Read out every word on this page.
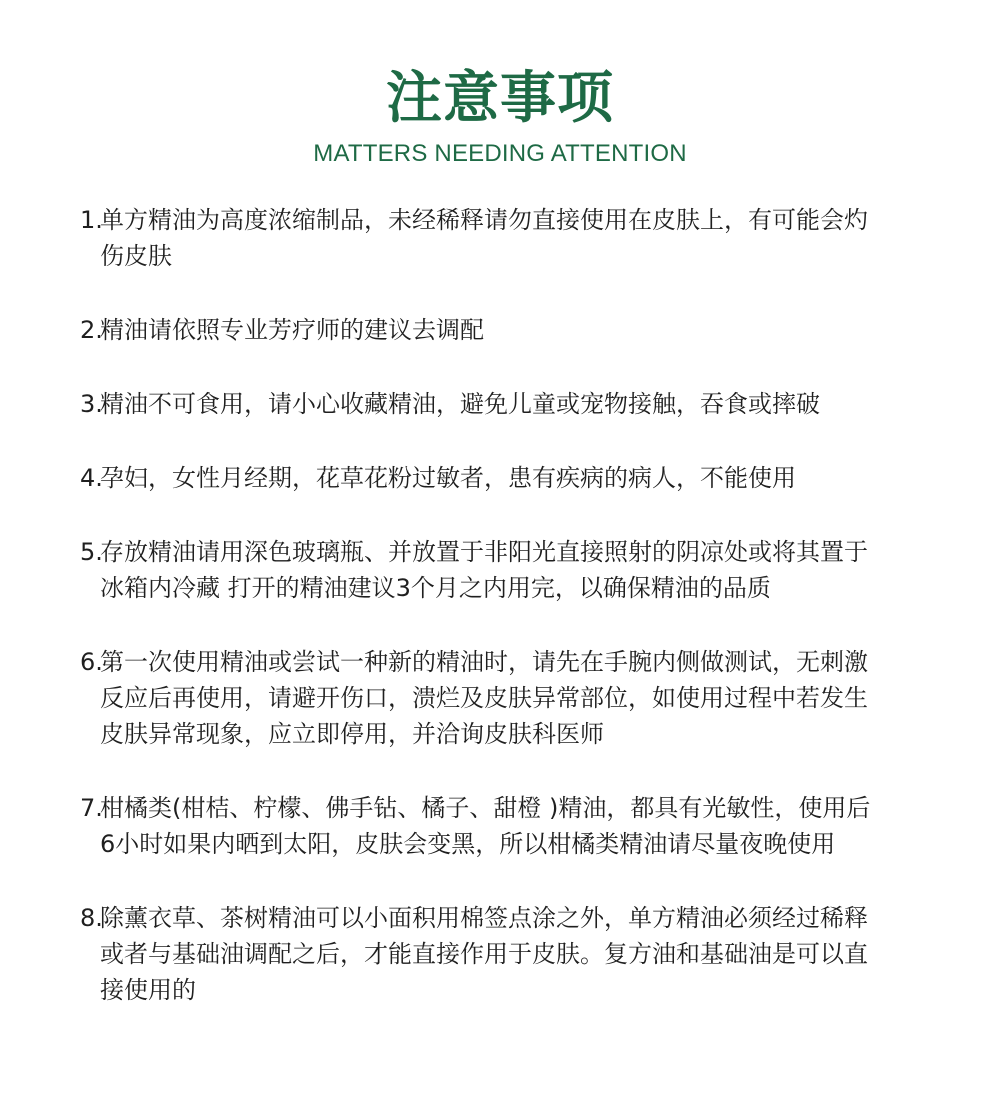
注意事项
MATTERS NEEDING ATTENTION
1.
单方精油为高度浓缩制品，未经稀释请勿直接使用在皮肤上，有可能会灼
伤皮肤
2.
精油请依照专业芳疗师的建议去调配
3.
精油不可食用，请小心收藏精油，避免儿童或宠物接触，吞食或摔破
4.
孕妇，女性月经期，花草花粉过敏者，患有疾病的病人，不能使用
5.
存放精油请用深色玻璃瓶、并放置于非阳光直接照射的阴凉处或将其置于
冰箱内冷藏 打开的精油建议3个月之内用完，以确保精油的品质
6.
第一次使用精油或尝试一种新的精油时，请先在手腕内侧做测试，无刺激
反应后再使用，请避开伤口，溃烂及皮肤异常部位，如使用过程中若发生
皮肤异常现象，应立即停用，并洽询皮肤科医师
7.
柑橘类(柑桔、柠檬、佛手钻、橘子、甜橙 )精油，都具有光敏性，使用后
6小时如果内晒到太阳，皮肤会变黑，所以柑橘类精油请尽量夜晚使用
8.
除薰衣草、茶树精油可以小面积用棉签点涂之外，单方精油必须经过稀释
或者与基础油调配之后，才能直接作用于皮肤。复方油和基础油是可以直
接使用的
